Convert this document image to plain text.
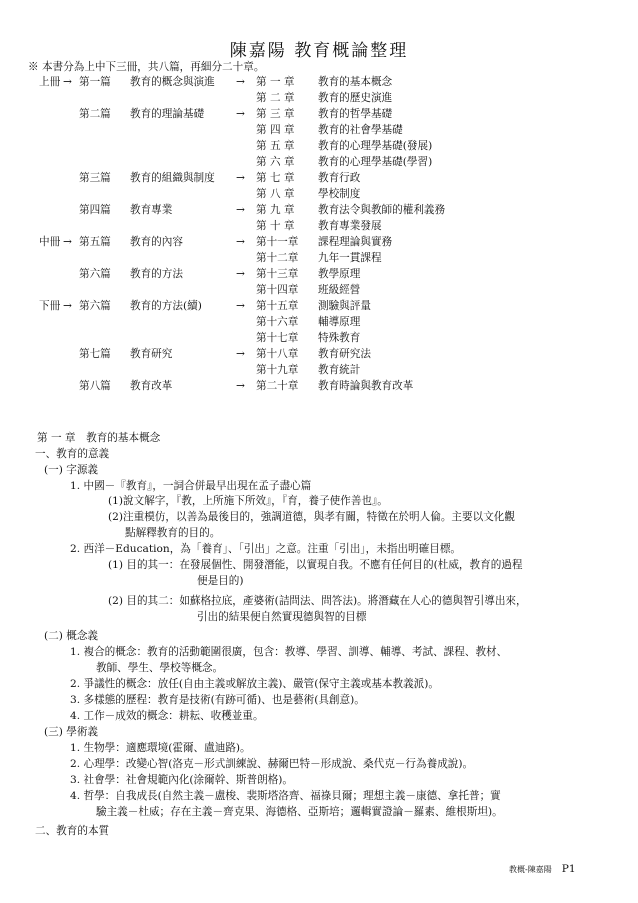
陳嘉陽 教育概論整理
※ 本書分為上中下三冊，共八篇，再細分二十章。
上冊 → 第一篇 教育的概念與演進 → 第 一 章 教育的基本概念
第 二 章 教育的歷史演進
第二篇 教育的理論基礎	→ 第 三 章 教育的哲學基礎
第 四 章 教育的社會學基礎
第 五 章 教育的心理學基礎(發展)
第 六 章 教育的心理學基礎(學習)
第三篇 教育的組織與制度 → 第 七 章 教育行政
第 八 章 學校制度
第四篇 教育專業	→ 第 九 章 教育法令與教師的權利義務
第 十 章 教育專業發展
中冊 → 第五篇 教育的內容	→ 第十一章 課程理論與實務
第十二章 九年一貫課程
第六篇 教育的方法	→ 第十三章 教學原理
第十四章 班級經營
下冊 → 第六篇 教育的方法(續)	→ 第十五章 測驗與評量
第十六章 輔導原理
第十七章 特殊教育
第七篇 教育研究	→ 第十八章 教育研究法
第十九章 教育統計
第八篇 教育改革	→ 第二十章 教育時論與教育改革
第 一 章　教育的基本概念
一、教育的意義
(一) 字源義
1. 中國－『教育』，一詞合併最早出現在孟子盡心篇
(1)說文解字，『教，上所施下所效』，『育，養子使作善也』。
(2)注重模仿，以善為最後目的，強調道德，與孝有關，特徵在於明人倫。主要以文化觀
點解釋教育的目的。
2. 西洋－Education，為「養育」、「引出」之意。注重「引出」，未指出明確目標。
(1) 目的其一：在發展個性、開發潛能，以實現自我。不應有任何目的(杜威，教育的過程
便是目的)
(2) 目的其二：如蘇格拉底，產婆術(詰問法、問答法)。將潛藏在人心的德與智引導出來，
引出的結果便自然實現德與智的目標
(二) 概念義
1. 複合的概念：教育的活動範圍很廣，包含：教導、學習、訓導、輔導、考試、課程、教材、
教師、學生、學校等概念。
2. 爭議性的概念：放任(自由主義或解放主義)、嚴管(保守主義或基本教義派)。
3. 多樣態的歷程：教育是技術(有跡可循)、也是藝術(具創意)。
4. 工作－成效的概念：耕耘、收穫並重。
(三) 學術義
1. 生物學：適應環境(霍爾、盧迪路)。
2. 心理學：改變心智(洛克－形式訓練說、赫爾巴特－形成說、桑代克－行為養成說)。
3. 社會學：社會規範內化(涂爾幹、斯普朗格)。
4. 哲學：自我成長(自然主義－盧梭、裴斯塔洛齊、福祿貝爾；理想主義－康德、拿托普；實
驗主義－杜威；存在主義－齊克果、海德格、亞斯培；邏輯實證論－羅素、維根斯坦)。
二、教育的本質
教概-陳嘉陽 P1
